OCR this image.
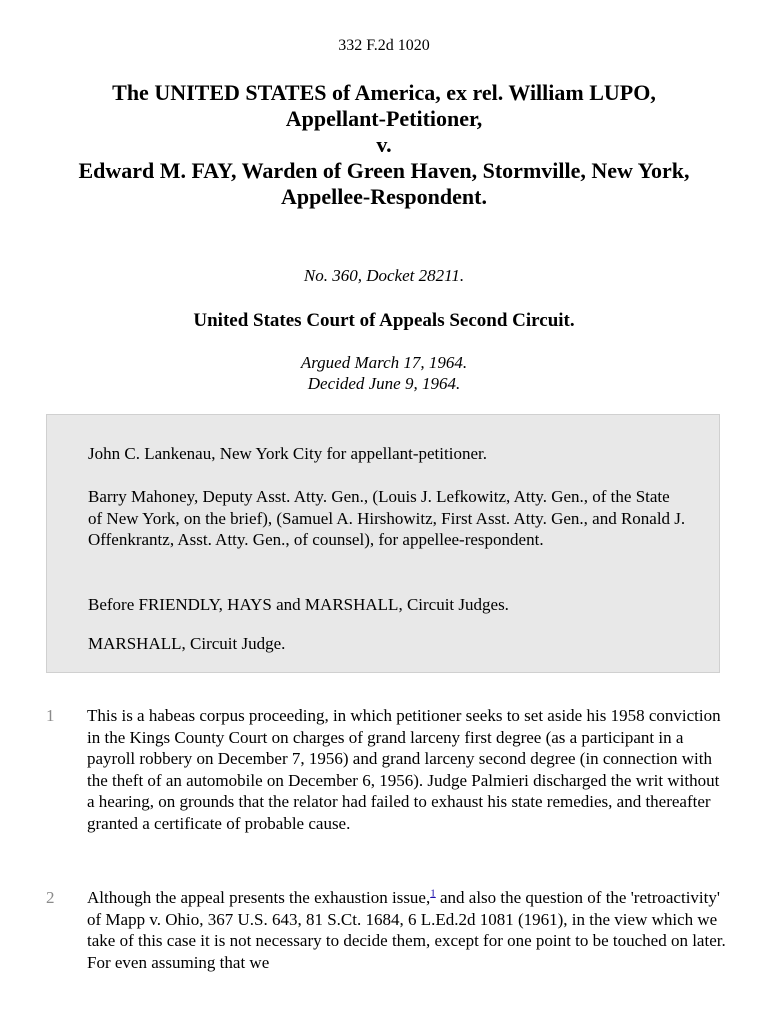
332 F.2d 1020
The UNITED STATES of America, ex rel. William LUPO,
Appellant-Petitioner,
v.
Edward M. FAY, Warden of Green Haven, Stormville, New York,
Appellee-Respondent.
No. 360, Docket 28211.
United States Court of Appeals Second Circuit.
Argued March 17, 1964.
Decided June 9, 1964.

John C. Lankenau, New York City for appellant-petitioner.

Barry Mahoney, Deputy Asst. Atty. Gen., (Louis J. Lefkowitz, Atty. Gen., of the State of New York, on the brief), (Samuel A. Hirshowitz, First Asst. Atty. Gen., and Ronald J. Offenkrantz, Asst. Atty. Gen., of counsel), for appellee-respondent.

Before FRIENDLY, HAYS and MARSHALL, Circuit Judges.

MARSHALL, Circuit Judge.

1 This is a habeas corpus proceeding, in which petitioner seeks to set aside his 1958 conviction in the Kings County Court on charges of grand larceny first degree (as a participant in a payroll robbery on December 7, 1956) and grand larceny second degree (in connection with the theft of an automobile on December 6, 1956). Judge Palmieri discharged the writ without a hearing, on grounds that the relator had failed to exhaust his state remedies, and thereafter granted a certificate of probable cause.

2 Although the appeal presents the exhaustion issue,$^1$ and also the question of the 'retroactivity' of Mapp v. Ohio, 367 U.S. 643, 81 S.Ct. 1684, 6 L.Ed.2d 1081 (1961), in the view which we take of this case it is not necessary to decide them, except for one point to be touched on later. For even assuming that we
